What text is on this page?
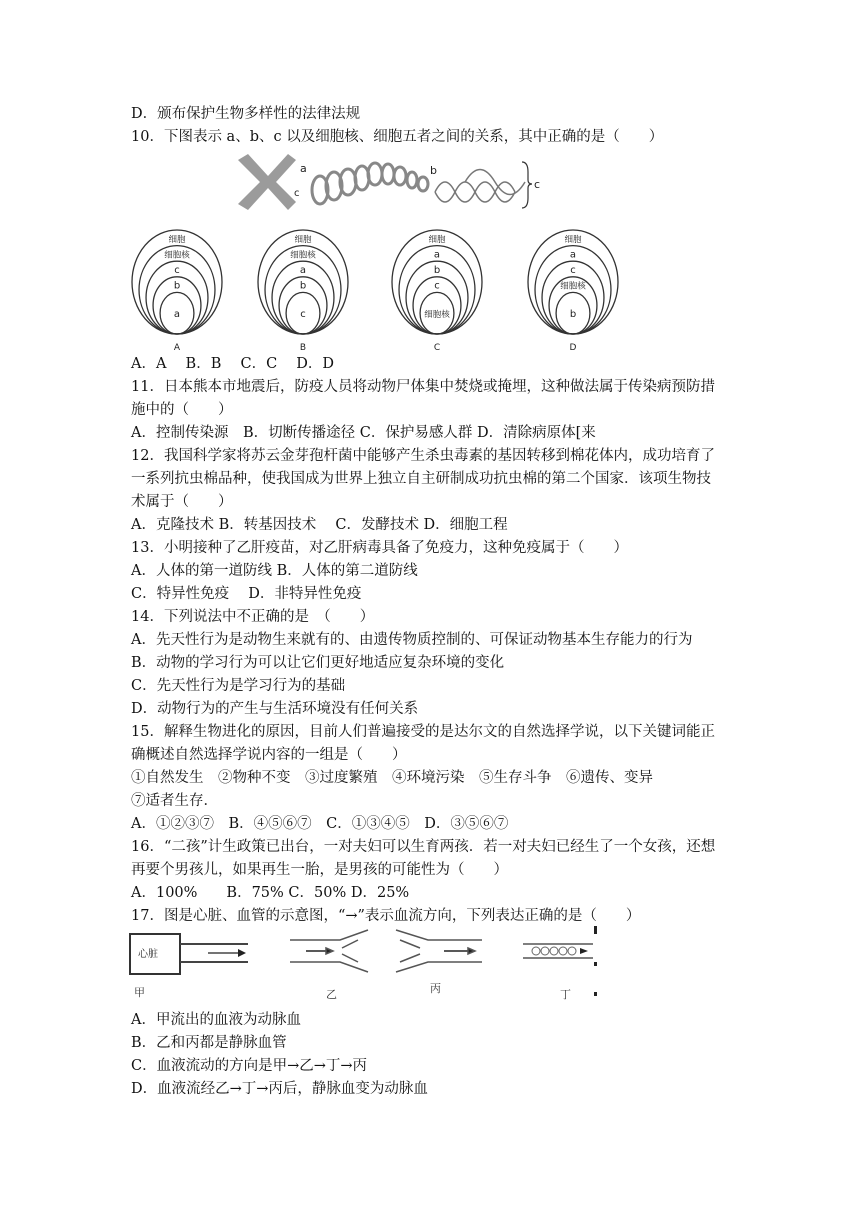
D．颁布保护生物多样性的法律法规
10．下图表示 a、b、c 以及细胞核、细胞五者之间的关系，其中正确的是（　　）
a
c
b
c
细胞
细胞核
c
b
a
A
细胞
细胞核
a
b
c
B
细胞
a
b
c
细胞核
C
细胞
a
c
细胞核
b
D
A．A　 B．B　 C．C　 D．D
11．日本熊本市地震后，防疫人员将动物尸体集中焚烧或掩埋，这种做法属于传染病预防措
施中的（　　）
A．控制传染源　B．切断传播途径 C．保护易感人群 D．清除病原体[来
12．我国科学家将苏云金芽孢杆菌中能够产生杀虫毒素的基因转移到棉花体内，成功培育了
一系列抗虫棉品种，使我国成为世界上独立自主研制成功抗虫棉的第二个国家．该项生物技
术属于（　　）
A．克隆技术 B．转基因技术　 C．发酵技术 D．细胞工程
13．小明接种了乙肝疫苗，对乙肝病毒具备了免疫力，这种免疫属于（　　）
A．人体的第一道防线 B．人体的第二道防线
C．特异性免疫　 D．非特异性免疫
14．下列说法中不正确的是　（　　）
A．先天性行为是动物生来就有的、由遗传物质控制的、可保证动物基本生存能力的行为
B．动物的学习行为可以让它们更好地适应复杂环境的变化
C．先天性行为是学习行为的基础
D．动物行为的产生与生活环境没有任何关系
15．解释生物进化的原因，目前人们普遍接受的是达尔文的自然选择学说，以下关键词能正
确概述自然选择学说内容的一组是（　　）
①自然发生　②物种不变　③过度繁殖　④环境污染　⑤生存斗争　⑥遗传、变异
⑦适者生存．
A．①②③⑦　B．④⑤⑥⑦　C．①③④⑤　D．③⑤⑥⑦
16．“二孩”计生政策已出台，一对夫妇可以生育两孩．若一对夫妇已经生了一个女孩，还想
再要个男孩儿，如果再生一胎，是男孩的可能性为（　　）
A．100%　　B．75% C．50% D．25%
17．图是心脏、血管的示意图，“→”表示血流方向，下列表达正确的是（　　）
心脏
甲	乙	丙	丁
A．甲流出的血液为动脉血
B．乙和丙都是静脉血管
C．血液流动的方向是甲→乙→丁→丙
D．血液流经乙→丁→丙后，静脉血变为动脉血
